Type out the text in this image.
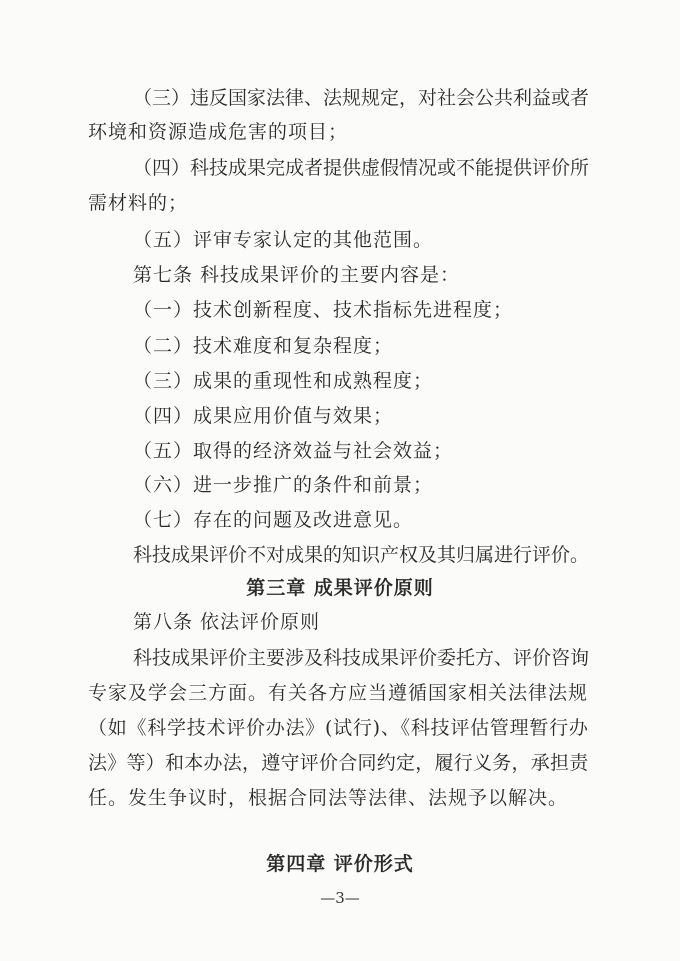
（三）违反国家法律、法规规定，对社会公共利益或者
环境和资源造成危害的项目；
（四）科技成果完成者提供虚假情况或不能提供评价所
需材料的；
（五）评审专家认定的其他范围。
第七条 科技成果评价的主要内容是：
（一）技术创新程度、技术指标先进程度；
（二）技术难度和复杂程度；
（三）成果的重现性和成熟程度；
（四）成果应用价值与效果；
（五）取得的经济效益与社会效益；
（六）进一步推广的条件和前景；
（七）存在的问题及改进意见。
科技成果评价不对成果的知识产权及其归属进行评价。
第三章 成果评价原则
第八条 依法评价原则
科技成果评价主要涉及科技成果评价委托方、评价咨询
专家及学会三方面。有关各方应当遵循国家相关法律法规
（如《科学技术评价办法》(试行)、《科技评估管理暂行办
法》等）和本办法，遵守评价合同约定，履行义务，承担责
任。发生争议时，根据合同法等法律、法规予以解决。
第四章 评价形式
—3—
